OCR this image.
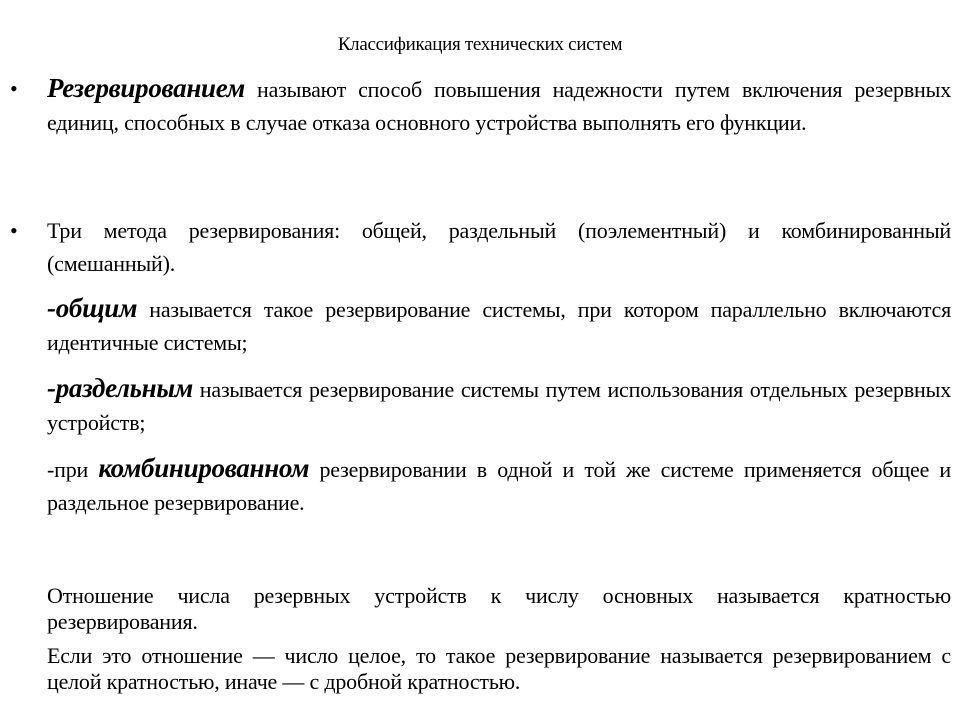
Классификация технических систем
• Резервированием называют способ повышения надежности путем включения резервных единиц, способных в случае отказа основного устройства выполнять его функции.
• Три метода резервирования: общей, раздельный (поэлементный) и комбинированный (смешанный).
-общим называется такое резервирование системы, при котором параллельно включаются идентичные системы;
-раздельным называется резервирование системы путем использования отдельных резервных устройств;
-при комбинированном резервировании в одной и той же системе применяется общее и раздельное резервирование.
Отношение числа резервных устройств к числу основных называется кратностью резервирования.
Если это отношение — число целое, то такое резервирование называется резервированием с целой кратностью, иначе — с дробной кратностью.
